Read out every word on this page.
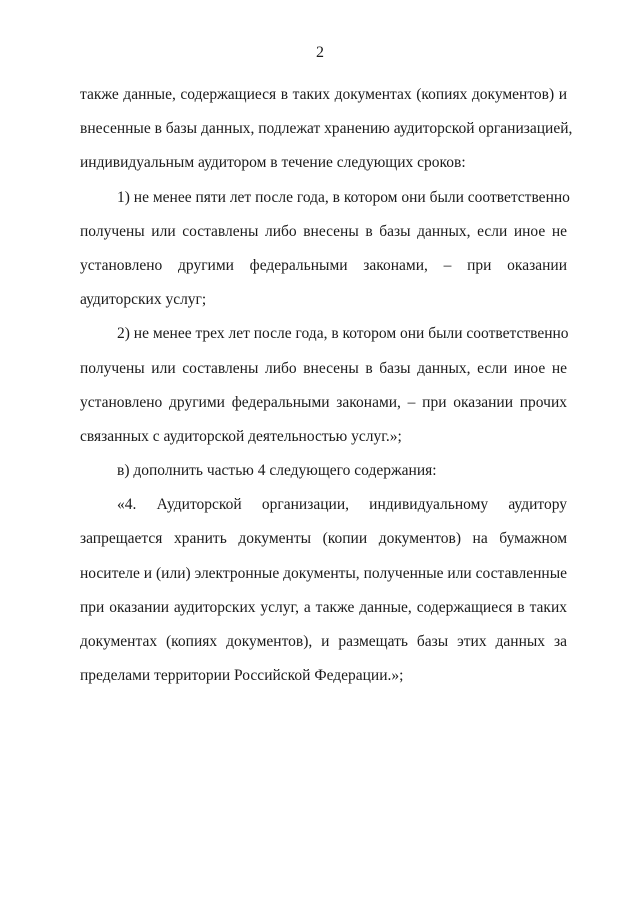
2
также данные, содержащиеся в таких документах (копиях документов) и
внесенные в базы данных, подлежат хранению аудиторской организацией,
индивидуальным аудитором в течение следующих сроков:
1) не менее пяти лет после года, в котором они были соответственно
получены или составлены либо внесены в базы данных, если иное не
установлено другими федеральными законами, – при оказании
аудиторских услуг;
2) не менее трех лет после года, в котором они были соответственно
получены или составлены либо внесены в базы данных, если иное не
установлено другими федеральными законами, – при оказании прочих
связанных с аудиторской деятельностью услуг.»;
в) дополнить частью 4 следующего содержания:
«4. Аудиторской организации, индивидуальному аудитору
запрещается хранить документы (копии документов) на бумажном
носителе и (или) электронные документы, полученные или составленные
при оказании аудиторских услуг, а также данные, содержащиеся в таких
документах (копиях документов), и размещать базы этих данных за
пределами территории Российской Федерации.»;
